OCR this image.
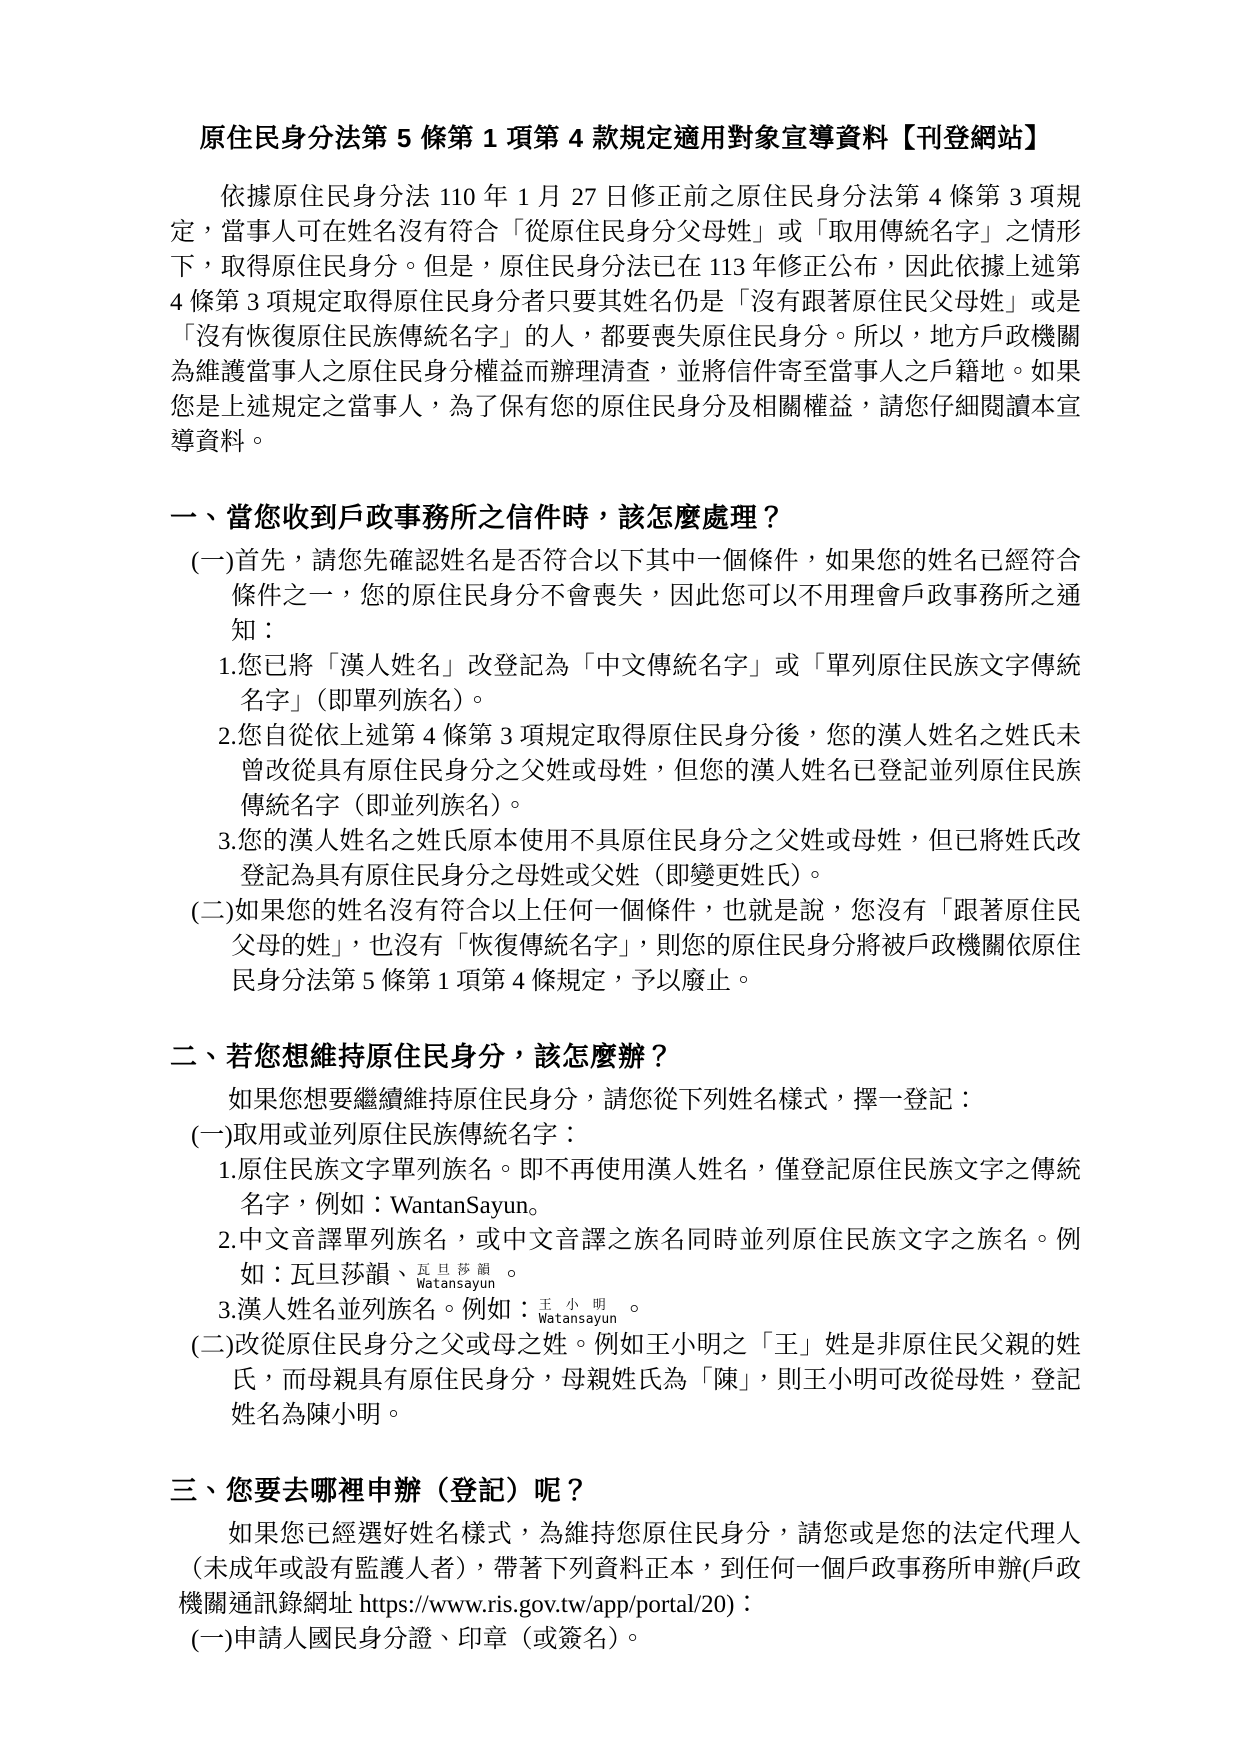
原住民身分法第 5 條第 1 項第 4 款規定適用對象宣導資料【刊登網站】

依據原住民身分法 110 年 1 月 27 日修正前之原住民身分法第 4 條第 3 項規定，當事人可在姓名沒有符合「從原住民身分父母姓」或「取用傳統名字」之情形下，取得原住民身分。但是，原住民身分法已在 113 年修正公布，因此依據上述第 4 條第 3 項規定取得原住民身分者只要其姓名仍是「沒有跟著原住民父母姓」或是「沒有恢復原住民族傳統名字」的人，都要喪失原住民身分。所以，地方戶政機關為維護當事人之原住民身分權益而辦理清查，並將信件寄至當事人之戶籍地。如果您是上述規定之當事人，為了保有您的原住民身分及相關權益，請您仔細閱讀本宣導資料。

一、當您收到戶政事務所之信件時，該怎麼處理？

(一)首先，請您先確認姓名是否符合以下其中一個條件，如果您的姓名已經符合條件之一，您的原住民身分不會喪失，因此您可以不用理會戶政事務所之通知：

1.您已將「漢人姓名」改登記為「中文傳統名字」或「單列原住民族文字傳統名字」（即單列族名）。

2.您自從依上述第 4 條第 3 項規定取得原住民身分後，您的漢人姓名之姓氏未曾改從具有原住民身分之父姓或母姓，但您的漢人姓名已登記並列原住民族傳統名字（即並列族名）。

3.您的漢人姓名之姓氏原本使用不具原住民身分之父姓或母姓，但已將姓氏改登記為具有原住民身分之母姓或父姓（即變更姓氏）。

(二)如果您的姓名沒有符合以上任何一個條件，也就是說，您沒有「跟著原住民父母的姓」，也沒有「恢復傳統名字」，則您的原住民身分將被戶政機關依原住民身分法第 5 條第 1 項第 4 條規定，予以廢止。

二、若您想維持原住民身分，該怎麼辦？

如果您想要繼續維持原住民身分，請您從下列姓名樣式，擇一登記：

(一)取用或並列原住民族傳統名字：

1.原住民族文字單列族名。即不再使用漢人姓名，僅登記原住民族文字之傳統名字，例如：WantanSayun。

2.中文音譯單列族名，或中文音譯之族名同時並列原住民族文字之族名。例如：瓦旦莎韻、 瓦旦莎韻
Watansayun 。

3.漢人姓名並列族名。例如： 王小明
Watansayun 。

(二)改從原住民身分之父或母之姓。例如王小明之「王」姓是非原住民父親的姓氏，而母親具有原住民身分，母親姓氏為「陳」，則王小明可改從母姓，登記姓名為陳小明。

三、您要去哪裡申辦（登記）呢？

如果您已經選好姓名樣式，為維持您原住民身分，請您或是您的法定代理人（未成年或設有監護人者），帶著下列資料正本，到任何一個戶政事務所申辦(戶政機關通訊錄網址 https://www.ris.gov.tw/app/portal/20)：

(一)申請人國民身分證、印章（或簽名）。
